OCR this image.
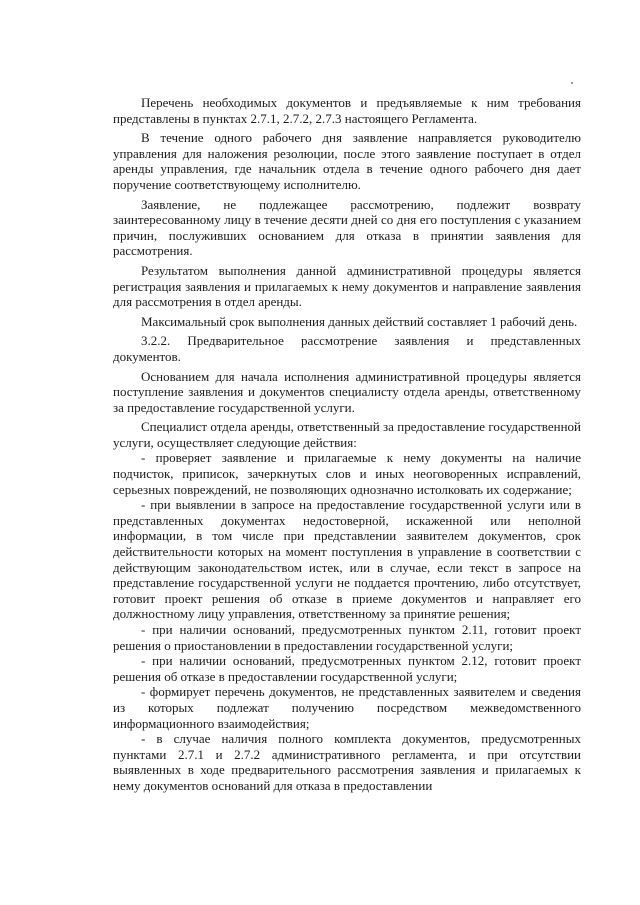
Перечень необходимых документов и предъявляемые к ним требования представлены в пунктах 2.7.1, 2.7.2, 2.7.3 настоящего Регламента.

В течение одного рабочего дня заявление направляется руководителю управления для наложения резолюции, после этого заявление поступает в отдел аренды управления, где начальник отдела в течение одного рабочего дня дает поручение соответствующему исполнителю.

Заявление, не подлежащее рассмотрению, подлежит возврату заинтересованному лицу в течение десяти дней со дня его поступления с указанием причин, послуживших основанием для отказа в принятии заявления для рассмотрения.

Результатом выполнения данной административной процедуры является регистрация заявления и прилагаемых к нему документов и направление заявления для рассмотрения в отдел аренды.

Максимальный срок выполнения данных действий составляет 1 рабочий день.

3.2.2. Предварительное рассмотрение заявления и представленных документов.

Основанием для начала исполнения административной процедуры является поступление заявления и документов специалисту отдела аренды, ответственному за предоставление государственной услуги.

Специалист отдела аренды, ответственный за предоставление государственной услуги, осуществляет следующие действия:

- проверяет заявление и прилагаемые к нему документы на наличие подчисток, приписок, зачеркнутых слов и иных неоговоренных исправлений, серьезных повреждений, не позволяющих однозначно истолковать их содержание;

- при выявлении в запросе на предоставление государственной услуги или в представленных документах недостоверной, искаженной или неполной информации, в том числе при представлении заявителем документов, срок действительности которых на момент поступления в управление в соответствии с действующим законодательством истек, или в случае, если текст в запросе на представление государственной услуги не поддается прочтению, либо отсутствует, готовит проект решения об отказе в приеме документов и направляет его должностному лицу управления, ответственному за принятие решения;

- при наличии оснований, предусмотренных пунктом 2.11, готовит проект решения о приостановлении в предоставлении государственной услуги;

- при наличии оснований, предусмотренных пунктом 2.12, готовит проект решения об отказе в предоставлении государственной услуги;

- формирует перечень документов, не представленных заявителем и сведения из которых подлежат получению посредством межведомственного информационного взаимодействия;

- в случае наличия полного комплекта документов, предусмотренных пунктами 2.7.1 и 2.7.2 административного регламента, и при отсутствии выявленных в ходе предварительного рассмотрения заявления и прилагаемых к нему документов оснований для отказа в предоставлении
